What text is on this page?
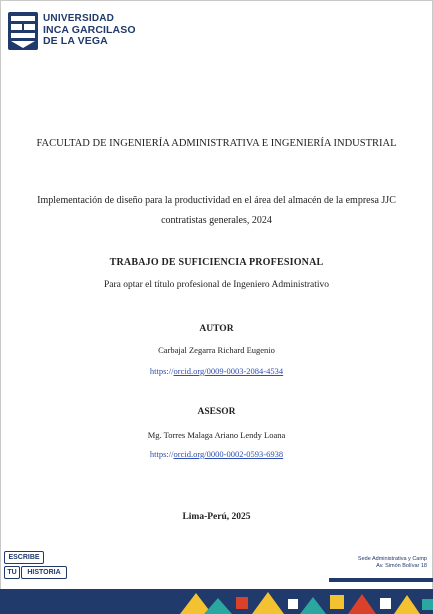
UNIVERSIDAD
INCA GARCILASO
DE LA VEGA
FACULTAD DE INGENIERÍA ADMINISTRATIVA E INGENIERÍA INDUSTRIAL
Implementación de diseño para la productividad en el área del almacén de la empresa JJC contratistas generales, 2024
TRABAJO DE SUFICIENCIA PROFESIONAL
Para optar el título profesional de Ingeniero Administrativo
AUTOR
Carbajal Zegarra Richard Eugenio
https://orcid.org/0009-0003-2084-4534
ASESOR
Mg. Torres Malaga Ariano Lendy Loana
https://orcid.org/0000-0002-0593-6938
Lima-Perú, 2025
ESCRIBE
TU	HISTORIA
Sede Administrativa y Camp
Av. Simón Bolívar 18
